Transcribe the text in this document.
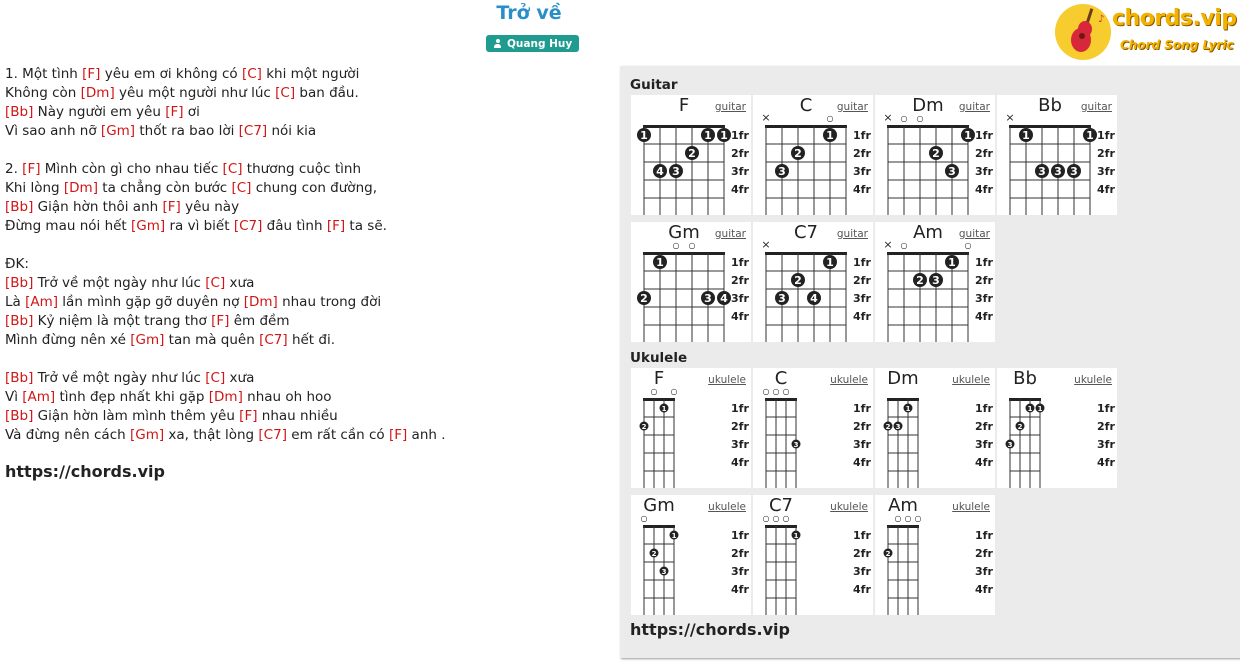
Trở về
Quang Huy
♪ chords.vip
Chord Song Lyric
1. Một tình [F] yêu em ơi không có [C] khi một người
Không còn [Dm] yêu một người như lúc [C] ban đầu.
[Bb] Này người em yêu [F] ơi
Vì sao anh nỡ [Gm] thốt ra bao lời [C7] nói kia
2. [F] Mình còn gì cho nhau tiếc [C] thương cuộc tình
Khi lòng [Dm] ta chẳng còn bước [C] chung con đường,
[Bb] Giận hờn thôi anh [F] yêu này
Đừng mau nói hết [Gm] ra vì biết [C7] đâu tình [F] ta sẽ.
ĐK:
[Bb] Trở về một ngày như lúc [C] xưa
Là [Am] lần mình gặp gỡ duyên nợ [Dm] nhau trong đời
[Bb] Kỷ niệm là một trang thơ [F] êm đềm
Mình đừng nên xé [Gm] tan mà quên [C7] hết đi.
[Bb] Trở về một ngày như lúc [C] xưa
Vì [Am] tình đẹp nhất khi gặp [Dm] nhau oh hoo
[Bb] Giận hờn làm mình thêm yêu [F] nhau nhiều
Và đừng nên cách [Gm] xa, thật lòng [C7] em rất cần có [F] anh .
https://chords.vip
Guitar
F	guitar
1	1
1
2
3
4
1fr
2fr
3fr
4fr
C	guitar
×	○
1
2
3
1fr
2fr
3fr
4fr
Dm	guitar
× ○ ○
1
2
3
1fr
2fr
3fr
4fr
Bb	guitar
×
1	1
3 3 3
1fr
2fr
3fr
4fr
Gm	guitar
○ ○
1
2	3 4
1fr
2fr
3fr
4fr
C7	guitar
×
1
2
3 4
1fr
2fr
3fr
4fr
Am	guitar
× ○	○
1
2 3
1fr
2fr
3fr
4fr
Ukulele
F	ukulele
○ ○
1
2
1fr
2fr
3fr
4fr
C	ukulele
○ ○ ○
3
1fr
2fr
3fr
4fr
Dm	ukulele
1
2 3
1fr
2fr
3fr
4fr
Bb	ukulele
1 1
2
3
1fr
2fr
3fr
4fr
Gm	ukulele
○
1
2
3
1fr
2fr
3fr
4fr
C7	ukulele
○ ○ ○
1	1fr
2fr
3fr
4fr
Am	ukulele
○ ○ ○
2
1fr
2fr
3fr
4fr
https://chords.vip
